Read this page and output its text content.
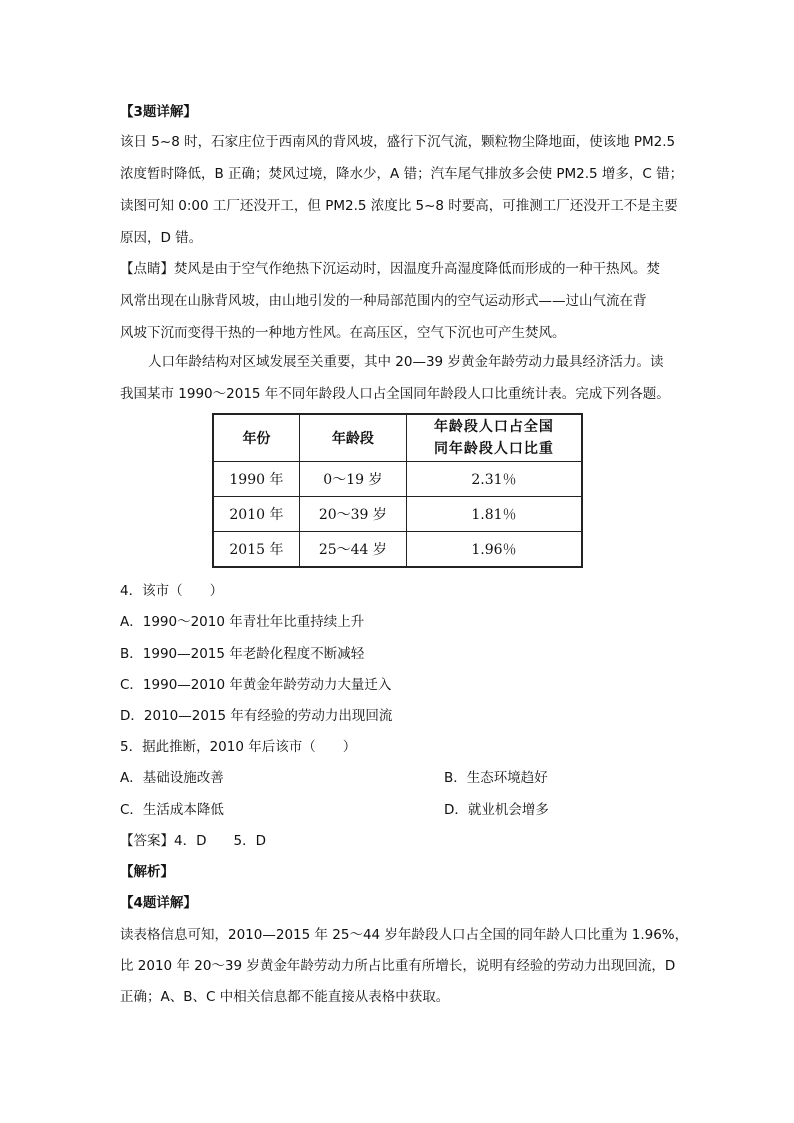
【3题详解】
该日 5~8 时，石家庄位于西南风的背风坡，盛行下沉气流，颗粒物尘降地面，使该地 PM2.5
浓度暂时降低，B 正确；焚风过境，降水少，A 错；汽车尾气排放多会使 PM2.5 增多，C 错；
读图可知 0:00 工厂还没开工，但 PM2.5 浓度比 5~8 时要高，可推测工厂还没开工不是主要
原因，D 错。
【点睛】焚风是由于空气作绝热下沉运动时，因温度升高湿度降低而形成的一种干热风。焚
风常出现在山脉背风坡，由山地引发的一种局部范围内的空气运动形式——过山气流在背
风坡下沉而变得干热的一种地方性风。在高压区，空气下沉也可产生焚风。
人口年龄结构对区域发展至关重要，其中 20—39 岁黄金年龄劳动力最具经济活力。读
我国某市 1990～2015 年不同年龄段人口占全国同年龄段人口比重统计表。完成下列各题。
年份	年龄段	年龄段人口占全国
同年龄段人口比重

1990 年	0～19 岁	2.31％
2010 年	20～39 岁	1.81％
2015 年	25～44 岁	1.96％
4．该市（　　）
A．1990～2010 年青壮年比重持续上升
B．1990—2015 年老龄化程度不断减轻
C．1990—2010 年黄金年龄劳动力大量迁入
D．2010—2015 年有经验的劳动力出现回流
5．据此推断，2010 年后该市（　　）
A．基础设施改善	B．生态环境趋好
C．生活成本降低	D．就业机会增多
【答案】4．D　　5．D
【解析】
【4题详解】
读表格信息可知，2010—2015 年 25～44 岁年龄段人口占全国的同年龄人口比重为 1.96%，
比 2010 年 20～39 岁黄金年龄劳动力所占比重有所增长，说明有经验的劳动力出现回流，D
正确；A、B、C 中相关信息都不能直接从表格中获取。
